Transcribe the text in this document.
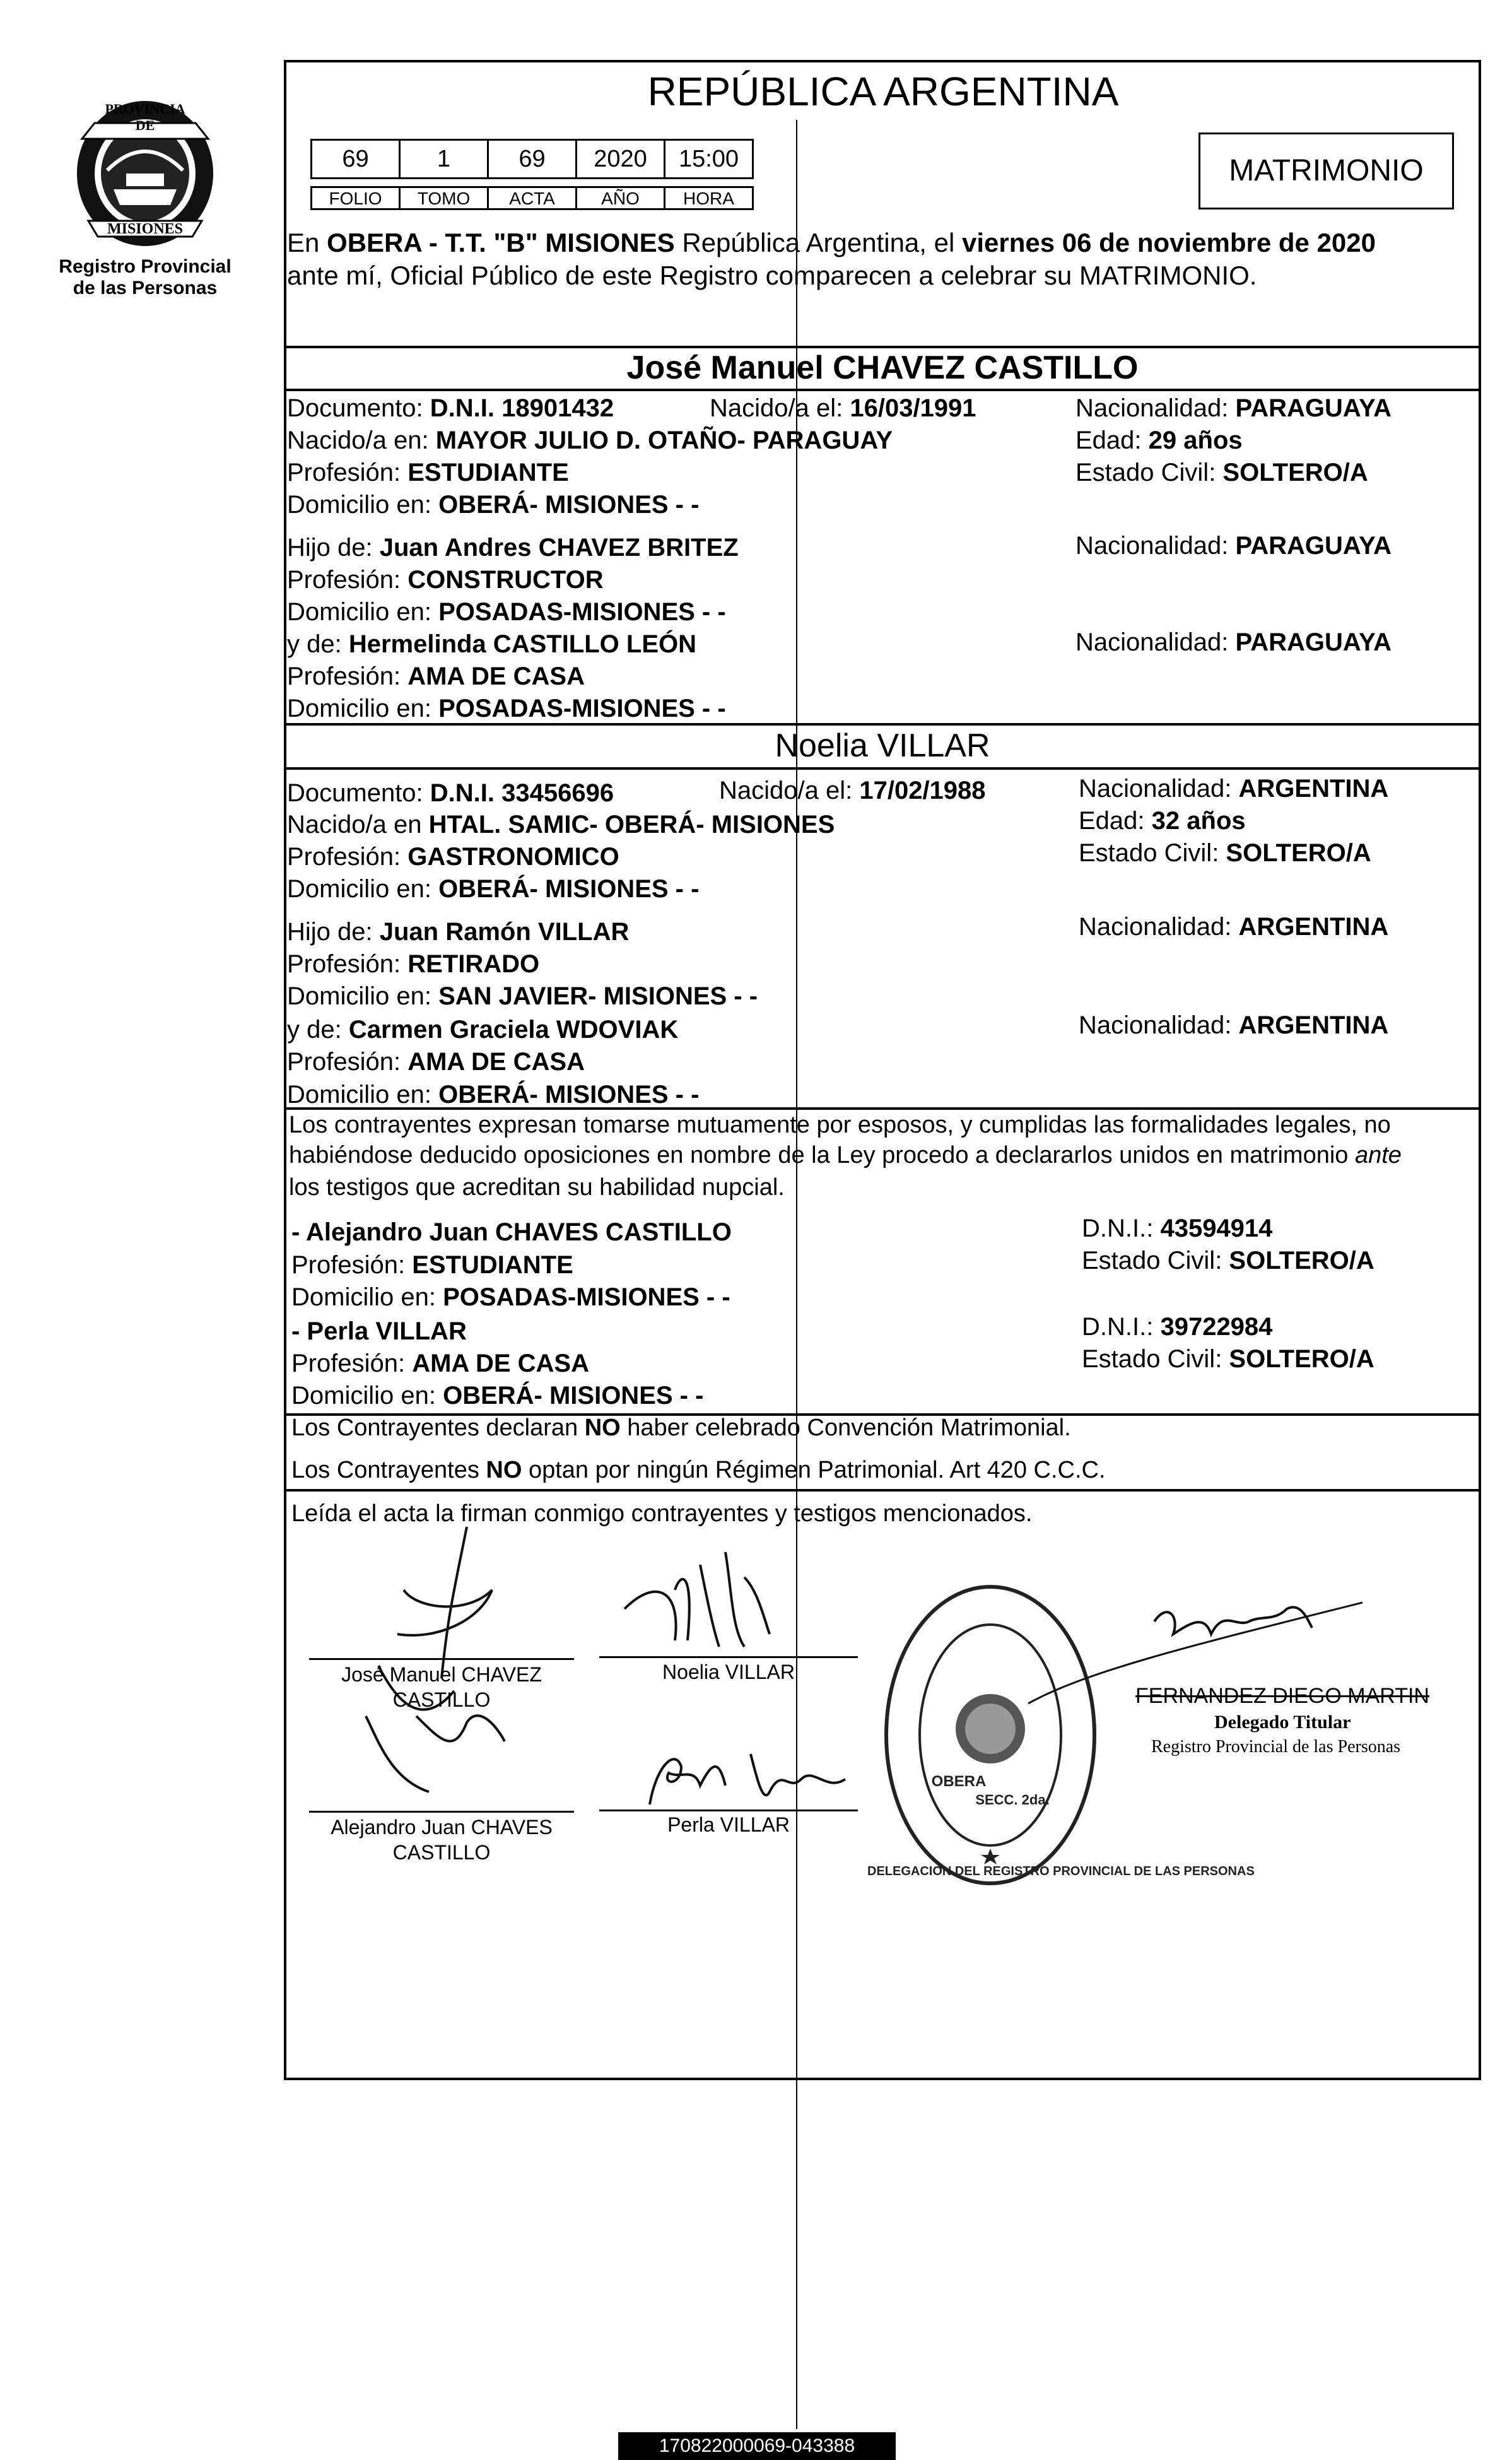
PROVINCIA DE
MISIONES
Registro Provincial
de las Personas
REPÚBLICA ARGENTINA
69	1	69	2020	15:00
FOLIO	TOMO	ACTA	AÑO	HORA
MATRIMONIO
En OBERA - T.T. "B" MISIONES República Argentina, el viernes 06 de noviembre de 2020
ante mí, Oficial Público de este Registro comparecen a celebrar su MATRIMONIO.
José Manuel CHAVEZ CASTILLO
Documento: D.N.I. 18901432	Nacido/a el: 16/03/1991	Nacionalidad: PARAGUAYA
Nacido/a en: MAYOR JULIO D. OTAÑO- PARAGUAY	Edad: 29 años
Profesión: ESTUDIANTE	Estado Civil: SOLTERO/A
Domicilio en: OBERÁ- MISIONES - -
Hijo de: Juan Andres CHAVEZ BRITEZ	Nacionalidad: PARAGUAYA
Profesión: CONSTRUCTOR
Domicilio en: POSADAS-MISIONES - -
y de: Hermelinda CASTILLO LEÓN	Nacionalidad: PARAGUAYA
Profesión: AMA DE CASA
Domicilio en: POSADAS-MISIONES - -
Noelia VILLAR
Documento: D.N.I. 33456696	Nacido/a el: 17/02/1988	Nacionalidad: ARGENTINA
Nacido/a en HTAL. SAMIC- OBERÁ- MISIONES	Edad: 32 años
Profesión: GASTRONOMICO	Estado Civil: SOLTERO/A
Domicilio en: OBERÁ- MISIONES - -
Hijo de: Juan Ramón VILLAR	Nacionalidad: ARGENTINA
Profesión: RETIRADO
Domicilio en: SAN JAVIER- MISIONES - -
y de: Carmen Graciela WDOVIAK	Nacionalidad: ARGENTINA
Profesión: AMA DE CASA
Domicilio en: OBERÁ- MISIONES - -
Los contrayentes expresan tomarse mutuamente por esposos, y cumplidas las formalidades legales, no
habiéndose deducido oposiciones en nombre de la Ley procedo a declararlos unidos en matrimonio ante
los testigos que acreditan su habilidad nupcial.
- Alejandro Juan CHAVES CASTILLO
Profesión: ESTUDIANTE
Domicilio en: POSADAS-MISIONES - -
D.N.I.: 43594914
Estado Civil: SOLTERO/A
- Perla VILLAR
Profesión: AMA DE CASA
Domicilio en: OBERÁ- MISIONES - -
D.N.I.: 39722984
Estado Civil: SOLTERO/A
Los Contrayentes declaran NO haber celebrado Convención Matrimonial.
Los Contrayentes NO optan por ningún Régimen Patrimonial. Art 420 C.C.C.
Leída el acta la firman conmigo contrayentes y testigos mencionados.
José Manuel CHAVEZ
CASTILLO
Noelia VILLAR
Alejandro Juan CHAVES
CASTILLO
Perla VILLAR
DELEGACION DEL REGISTRO PROVINCIAL DE LAS PERSONAS
OBERA
SECC. 2da.
FERNANDEZ DIEGO MARTIN
Delegado Titular
Registro Provincial de las Personas
170822000069-043388
